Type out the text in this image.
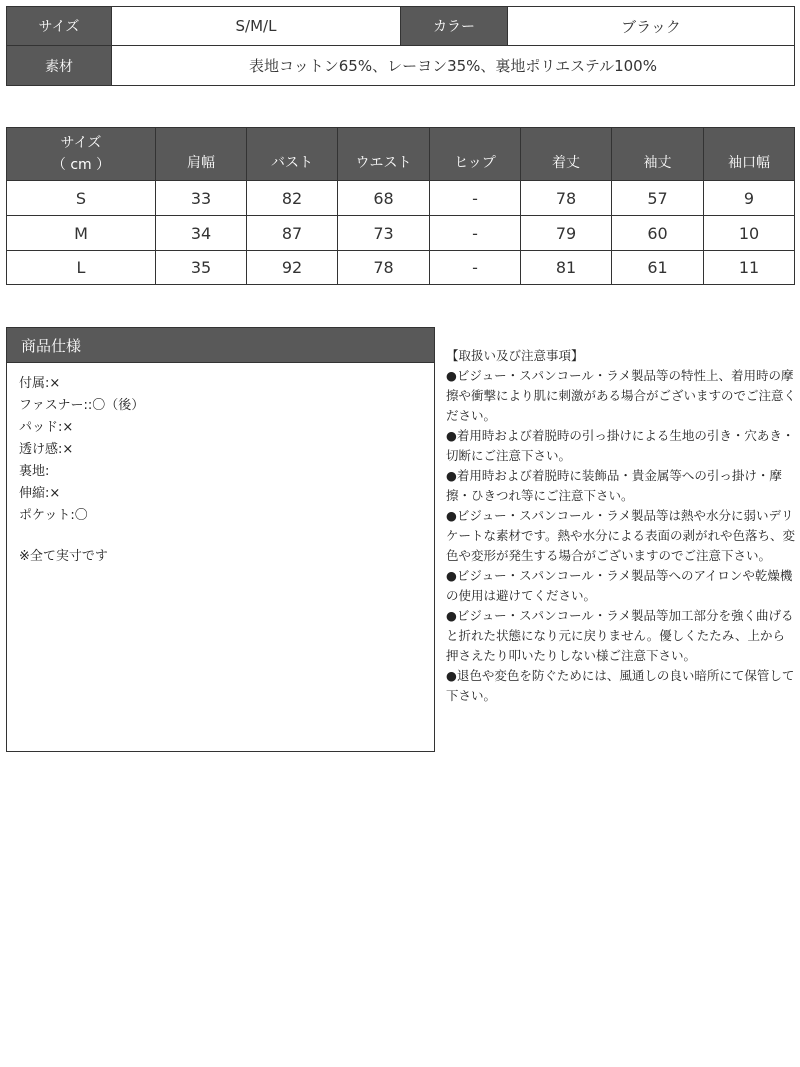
サイズ	S/M/L	カラー	ブラック
素材	表地コットン65%、レーヨン35%、裏地ポリエステル100%
サイズ
（ cm ）	肩幅	バスト	ウエスト	ヒップ	着丈	袖丈	袖口幅
S	33	82	68	-	78	57	9
M	34	87	73	-	79	60	10
L	35	92	78	-	81	61	11
商品仕様
付属:×
ファスナー::〇（後）
パッド:×
透け感:×
裏地:
伸縮:×
ポケット:〇
※全て実寸です
【取扱い及び注意事項】
●ビジュー・スパンコール・ラメ製品等の特性上、着用時の摩擦や衝撃により肌に刺激がある場合がございますのでご注意ください。
●着用時および着脱時の引っ掛けによる生地の引き・穴あき・切断にご注意下さい。
●着用時および着脱時に装飾品・貴金属等への引っ掛け・摩擦・ひきつれ等にご注意下さい。
●ビジュー・スパンコール・ラメ製品等は熱や水分に弱いデリケートな素材です。熱や水分による表面の剥がれや色落ち、変色や変形が発生する場合がございますのでご注意下さい。
●ビジュー・スパンコール・ラメ製品等へのアイロンや乾燥機の使用は避けてください。
●ビジュー・スパンコール・ラメ製品等加工部分を強く曲げると折れた状態になり元に戻りません。優しくたたみ、上から押さえたり叩いたりしない様ご注意下さい。
●退色や変色を防ぐためには、風通しの良い暗所にて保管して下さい。
